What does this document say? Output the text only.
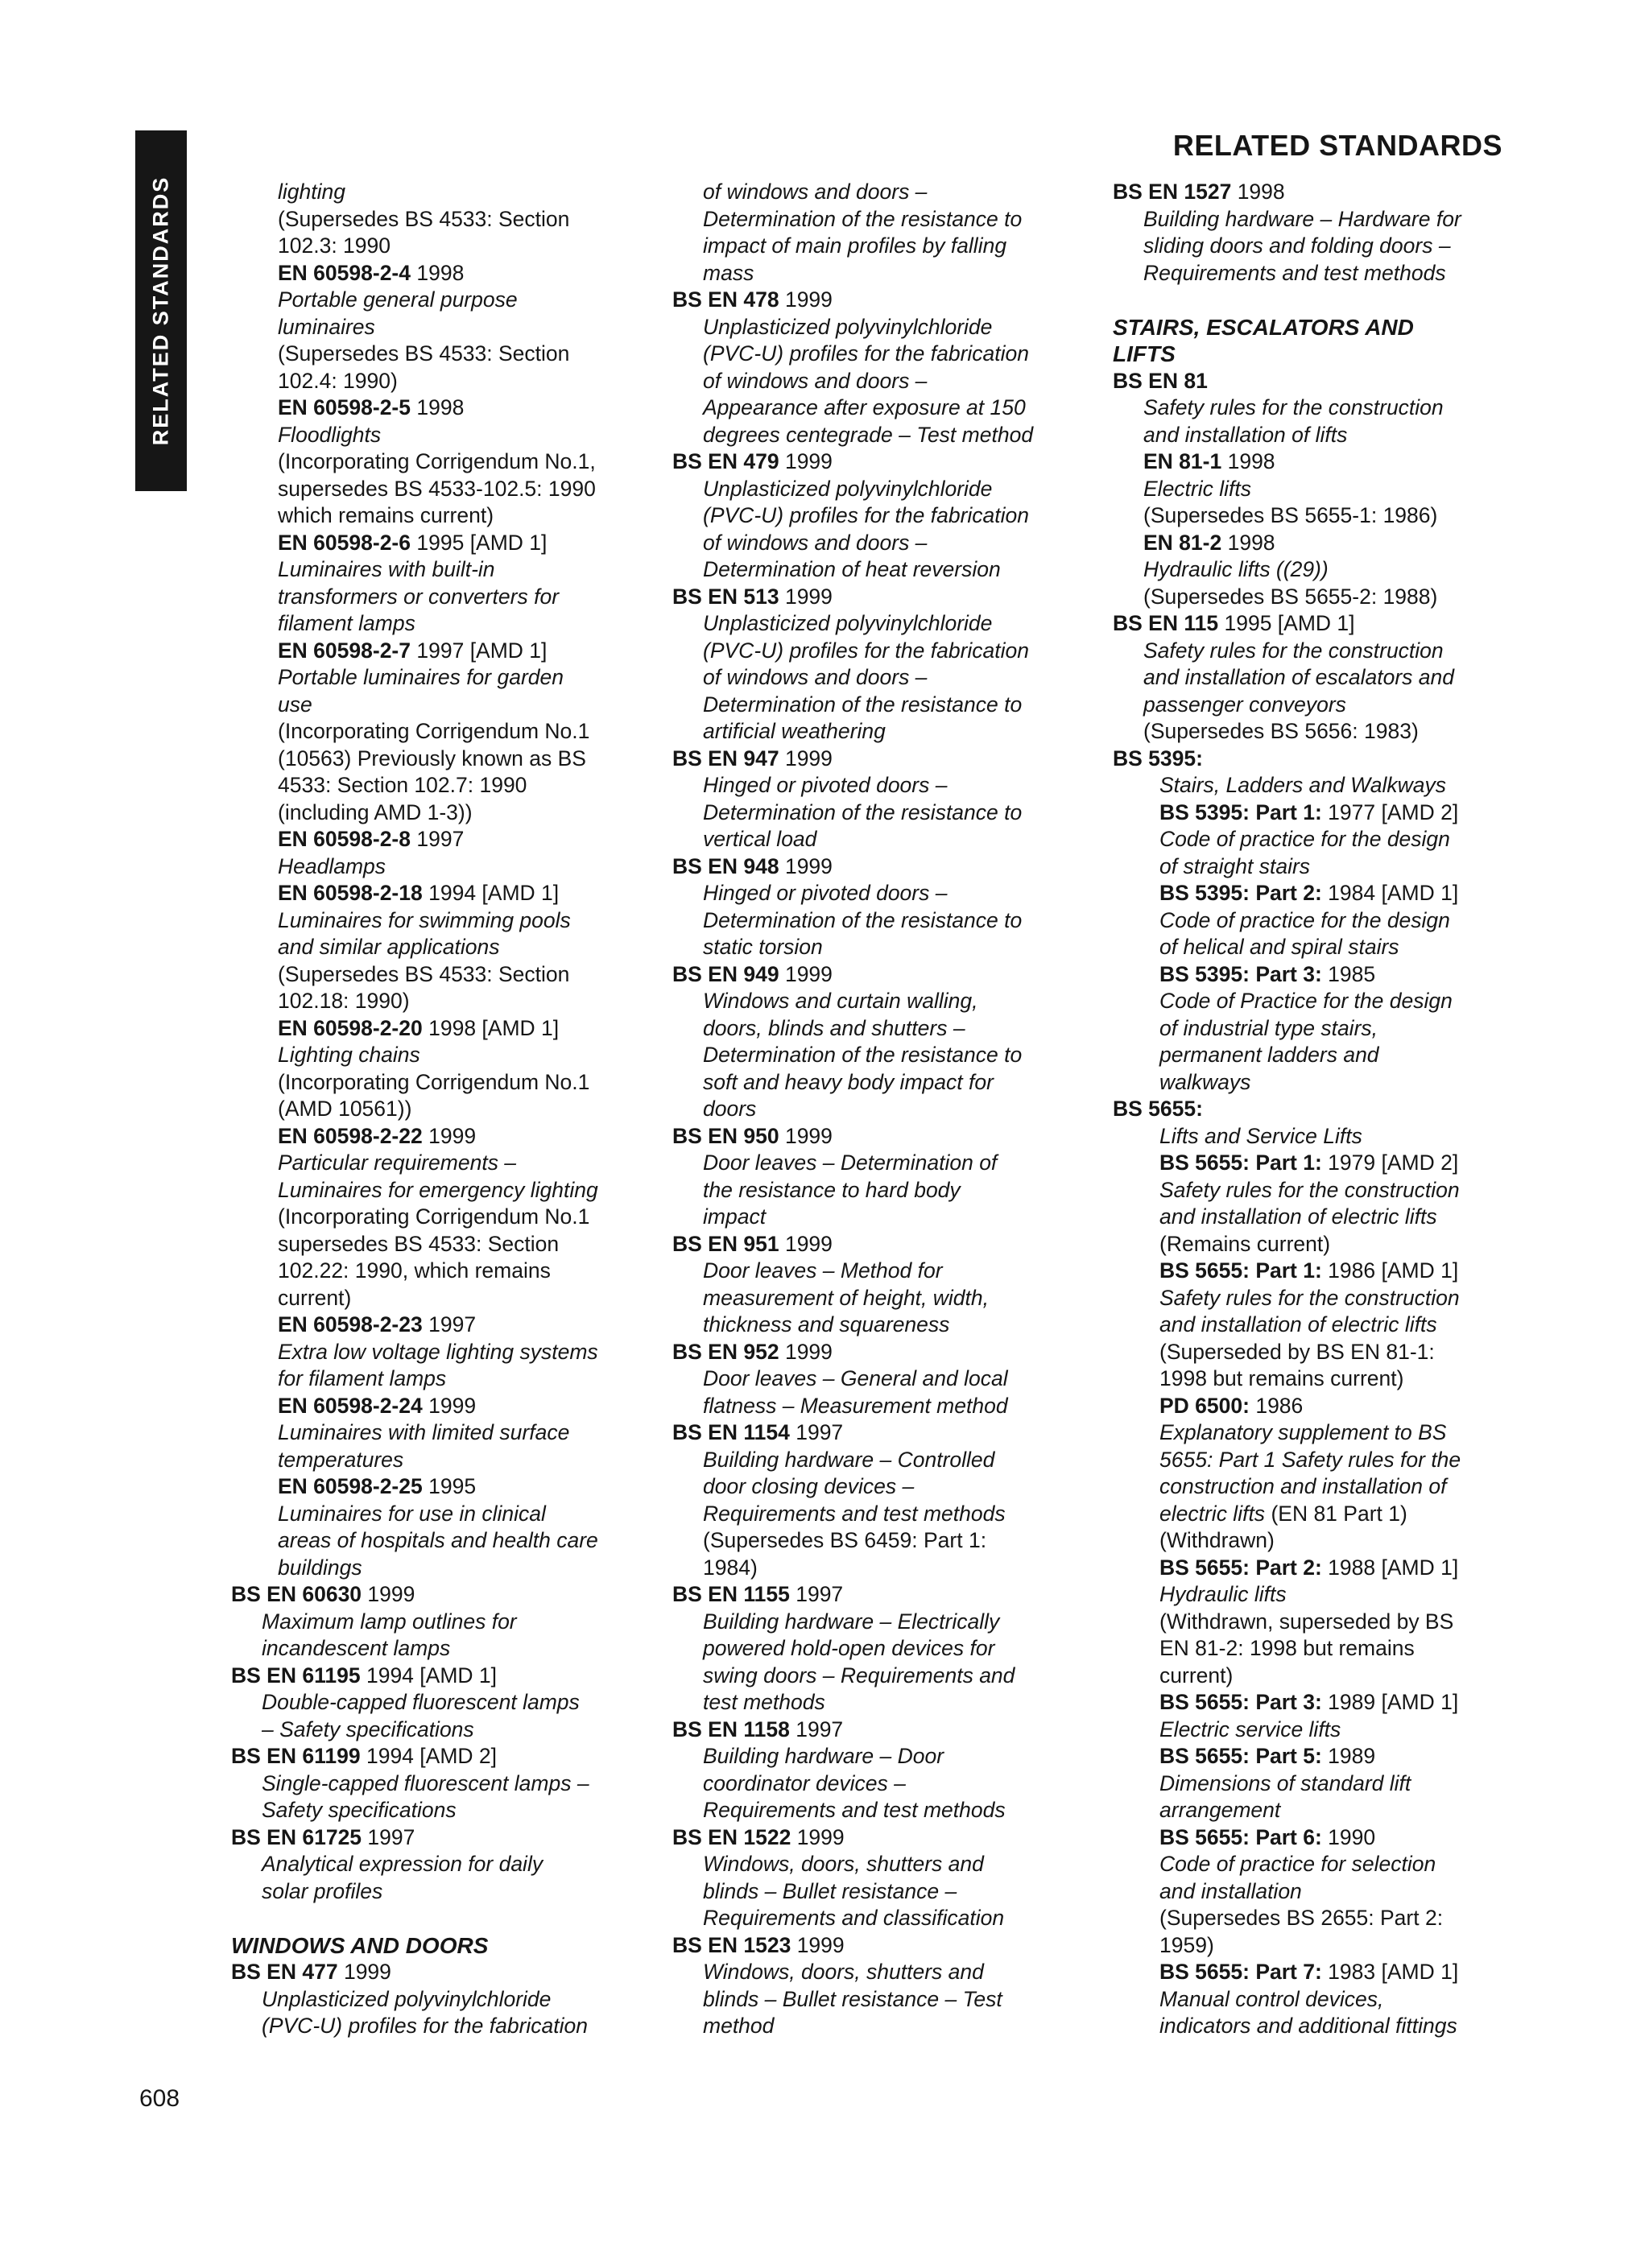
RELATED STANDARDS
RELATED STANDARDS
lighting
(Supersedes BS 4533: Section
102.3: 1990
EN 60598-2-4 1998
Portable general purpose
luminaires
(Supersedes BS 4533: Section
102.4: 1990)
EN 60598-2-5 1998
Floodlights
(Incorporating Corrigendum No.1,
supersedes BS 4533-102.5: 1990
which remains current)
EN 60598-2-6 1995 [AMD 1]
Luminaires with built-in
transformers or converters for
filament lamps
EN 60598-2-7 1997 [AMD 1]
Portable luminaires for garden
use
(Incorporating Corrigendum No.1
(10563) Previously known as BS
4533: Section 102.7: 1990
(including AMD 1-3))
EN 60598-2-8 1997
Headlamps
EN 60598-2-18 1994 [AMD 1]
Luminaires for swimming pools
and similar applications
(Supersedes BS 4533: Section
102.18: 1990)
EN 60598-2-20 1998 [AMD 1]
Lighting chains
(Incorporating Corrigendum No.1
(AMD 10561))
EN 60598-2-22 1999
Particular requirements –
Luminaires for emergency lighting
(Incorporating Corrigendum No.1
supersedes BS 4533: Section
102.22: 1990, which remains
current)
EN 60598-2-23 1997
Extra low voltage lighting systems
for filament lamps
EN 60598-2-24 1999
Luminaires with limited surface
temperatures
EN 60598-2-25 1995
Luminaires for use in clinical
areas of hospitals and health care
buildings
BS EN 60630 1999
Maximum lamp outlines for
incandescent lamps
BS EN 61195 1994 [AMD 1]
Double-capped fluorescent lamps
– Safety specifications
BS EN 61199 1994 [AMD 2]
Single-capped fluorescent lamps –
Safety specifications
BS EN 61725 1997
Analytical expression for daily
solar profiles
WINDOWS AND DOORS
BS EN 477 1999
Unplasticized polyvinylchloride
(PVC-U) profiles for the fabrication
of windows and doors –
Determination of the resistance to
impact of main profiles by falling
mass
BS EN 478 1999
Unplasticized polyvinylchloride
(PVC-U) profiles for the fabrication
of windows and doors –
Appearance after exposure at 150
degrees centegrade – Test method
BS EN 479 1999
Unplasticized polyvinylchloride
(PVC-U) profiles for the fabrication
of windows and doors –
Determination of heat reversion
BS EN 513 1999
Unplasticized polyvinylchloride
(PVC-U) profiles for the fabrication
of windows and doors –
Determination of the resistance to
artificial weathering
BS EN 947 1999
Hinged or pivoted doors –
Determination of the resistance to
vertical load
BS EN 948 1999
Hinged or pivoted doors –
Determination of the resistance to
static torsion
BS EN 949 1999
Windows and curtain walling,
doors, blinds and shutters –
Determination of the resistance to
soft and heavy body impact for
doors
BS EN 950 1999
Door leaves – Determination of
the resistance to hard body
impact
BS EN 951 1999
Door leaves – Method for
measurement of height, width,
thickness and squareness
BS EN 952 1999
Door leaves – General and local
flatness – Measurement method
BS EN 1154 1997
Building hardware – Controlled
door closing devices –
Requirements and test methods
(Supersedes BS 6459: Part 1:
1984)
BS EN 1155 1997
Building hardware – Electrically
powered hold-open devices for
swing doors – Requirements and
test methods
BS EN 1158 1997
Building hardware – Door
coordinator devices –
Requirements and test methods
BS EN 1522 1999
Windows, doors, shutters and
blinds – Bullet resistance –
Requirements and classification
BS EN 1523 1999
Windows, doors, shutters and
blinds – Bullet resistance – Test
method
BS EN 1527 1998
Building hardware – Hardware for
sliding doors and folding doors –
Requirements and test methods
STAIRS, ESCALATORS AND
LIFTS
BS EN 81
Safety rules for the construction
and installation of lifts
EN 81-1 1998
Electric lifts
(Supersedes BS 5655-1: 1986)
EN 81-2 1998
Hydraulic lifts ((29))
(Supersedes BS 5655-2: 1988)
BS EN 115 1995 [AMD 1]
Safety rules for the construction
and installation of escalators and
passenger conveyors
(Supersedes BS 5656: 1983)
BS 5395:
Stairs, Ladders and Walkways
BS 5395: Part 1: 1977 [AMD 2]
Code of practice for the design
of straight stairs
BS 5395: Part 2: 1984 [AMD 1]
Code of practice for the design
of helical and spiral stairs
BS 5395: Part 3: 1985
Code of Practice for the design
of industrial type stairs,
permanent ladders and
walkways
BS 5655:
Lifts and Service Lifts
BS 5655: Part 1: 1979 [AMD 2]
Safety rules for the construction
and installation of electric lifts
(Remains current)
BS 5655: Part 1: 1986 [AMD 1]
Safety rules for the construction
and installation of electric lifts
(Superseded by BS EN 81-1:
1998 but remains current)
PD 6500: 1986
Explanatory supplement to BS
5655: Part 1 Safety rules for the
construction and installation of
electric lifts (EN 81 Part 1)
(Withdrawn)
BS 5655: Part 2: 1988 [AMD 1]
Hydraulic lifts
(Withdrawn, superseded by BS
EN 81-2: 1998 but remains
current)
BS 5655: Part 3: 1989 [AMD 1]
Electric service lifts
BS 5655: Part 5: 1989
Dimensions of standard lift
arrangement
BS 5655: Part 6: 1990
Code of practice for selection
and installation
(Supersedes BS 2655: Part 2:
1959)
BS 5655: Part 7: 1983 [AMD 1]
Manual control devices,
indicators and additional fittings
608
